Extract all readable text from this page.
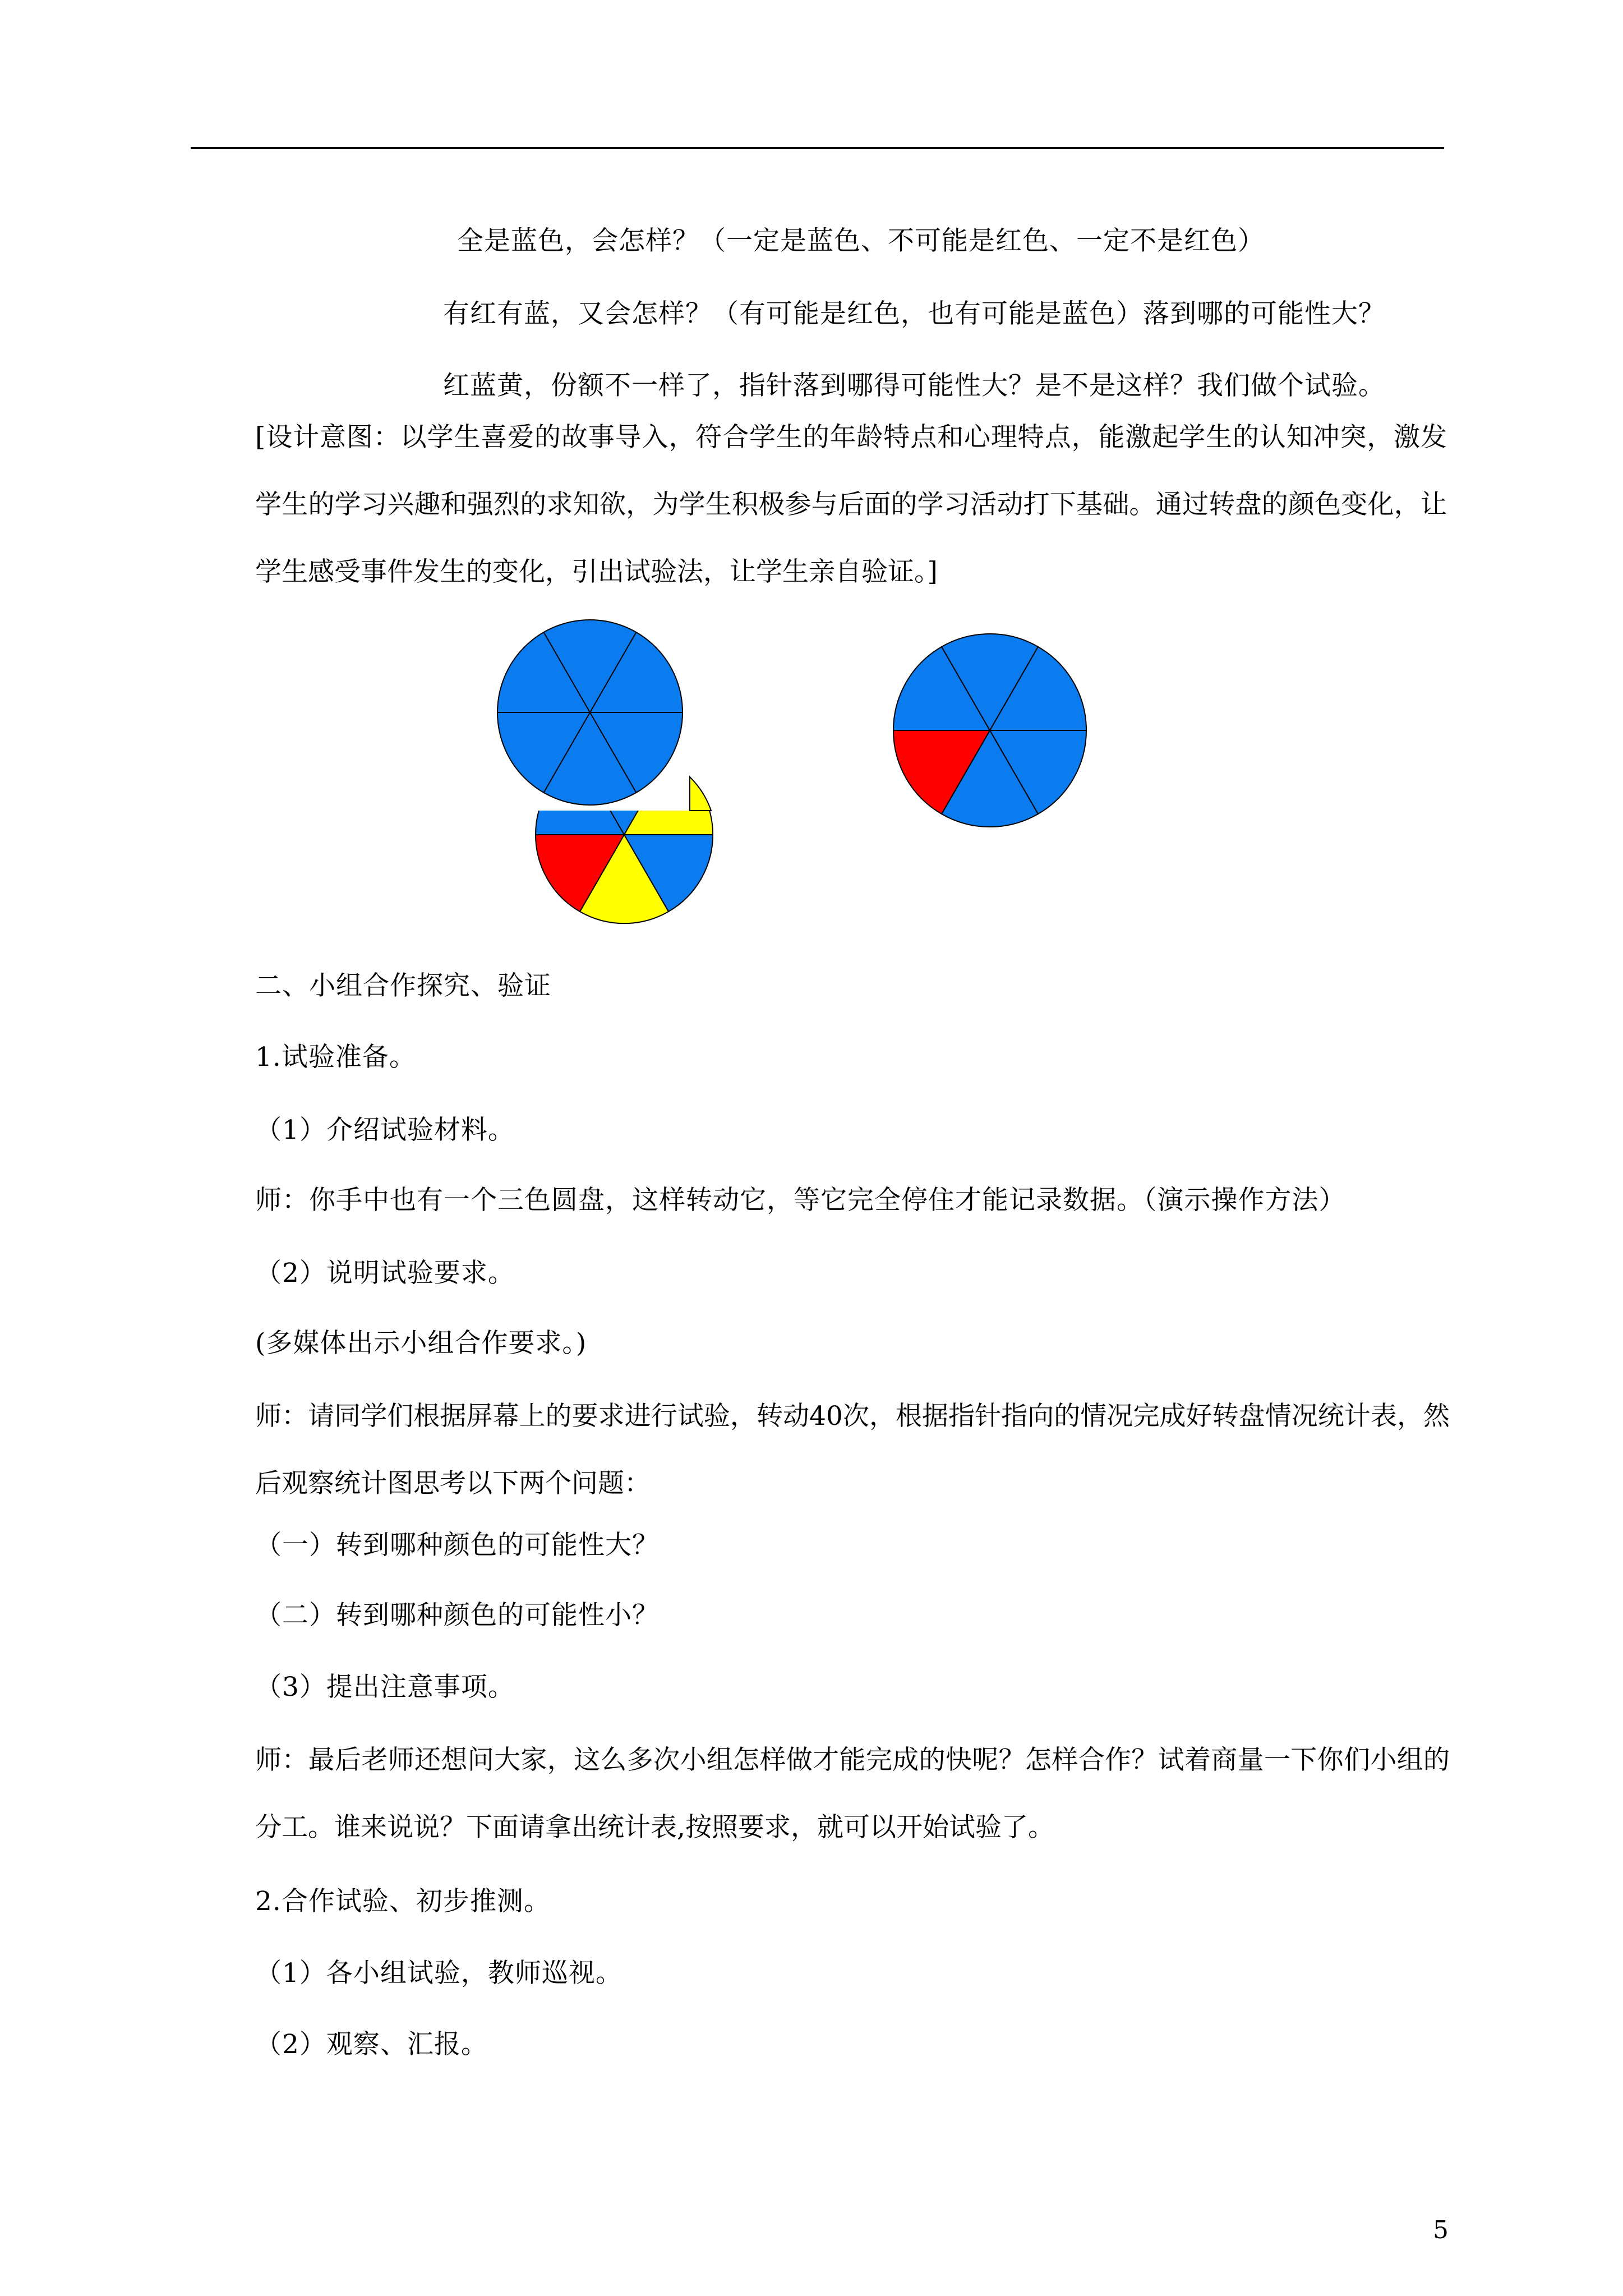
全是蓝色，会怎样？（一定是蓝色、不可能是红色、一定不是红色）
有红有蓝，又会怎样？（有可能是红色，也有可能是蓝色）落到哪的可能性大？
红蓝黄，份额不一样了，指针落到哪得可能性大？是不是这样？我们做个试验。
[设计意图：以学生喜爱的故事导入，符合学生的年龄特点和心理特点，能激起学生的认知冲突，激发学生的学习兴趣和强烈的求知欲，为学生积极参与后面的学习活动打下基础。通过转盘的颜色变化，让学生感受事件发生的变化，引出试验法，让学生亲自验证。]
二、小组合作探究、验证
1.试验准备。
（1）介绍试验材料。
师：你手中也有一个三色圆盘，这样转动它，等它完全停住才能记录数据。（演示操作方法）
（2）说明试验要求。
(多媒体出示小组合作要求。)
师：请同学们根据屏幕上的要求进行试验，转动40次，根据指针指向的情况完成好转盘情况统计表，然后观察统计图思考以下两个问题：
（一）转到哪种颜色的可能性大？
（二）转到哪种颜色的可能性小？
（3）提出注意事项。
师：最后老师还想问大家，这么多次小组怎样做才能完成的快呢？怎样合作？试着商量一下你们小组的分工。谁来说说？下面请拿出统计表,按照要求，就可以开始试验了。
2.合作试验、初步推测。
（1）各小组试验，教师巡视。
（2）观察、汇报。
5
